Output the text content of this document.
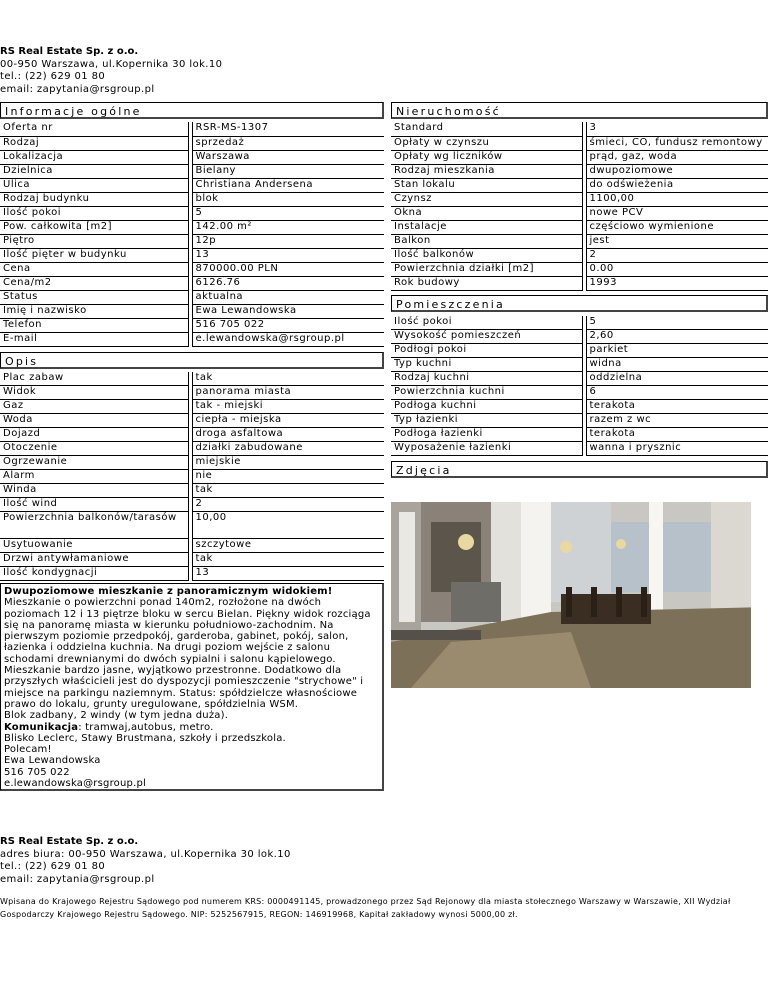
RS Real Estate Sp. z o.o.
00-950 Warszawa, ul.Kopernika 30 lok.10
tel.: (22) 629 01 80
email: zapytania@rsgroup.pl
Informacje ogólne
Oferta nr		RSR-MS-1307
Rodzaj		sprzedaż
Lokalizacja		Warszawa
Dzielnica		Bielany
Ulica		Christiana Andersena
Rodzaj budynku		blok
Ilość pokoi		5
Pow. całkowita [m2]		142.00 m²
Piętro		12p
Ilość pięter w budynku		13
Cena		870000.00 PLN
Cena/m2		6126.76
Status		aktualna
Imię i nazwisko		Ewa Lewandowska
Telefon		516 705 022
E-mail		e.lewandowska@rsgroup.pl
Opis
Plac zabaw		tak
Widok		panorama miasta
Gaz		tak - miejski
Woda		ciepła - miejska
Dojazd		droga asfaltowa
Otoczenie		działki zabudowane
Ogrzewanie		miejskie
Alarm		nie
Winda		tak
Ilość wind		2
Powierzchnia balkonów/tarasów		10,00
Usytuowanie		szczytowe
Drzwi antywłamaniowe		tak
Ilość kondygnacji		13
Dwupoziomowe mieszkanie z panoramicznym widokiem!
Mieszkanie o powierzchni ponad 140m2, rozłożone na dwóch poziomach 12 i 13 piętrze bloku w sercu Bielan. Piękny widok rozciąga się na panoramę miasta w kierunku południowo-zachodnim. Na pierwszym poziomie przedpokój, garderoba, gabinet, pokój, salon, łazienka i oddzielna kuchnia. Na drugi poziom wejście z salonu schodami drewnianymi do dwóch sypialni i salonu kąpielowego. Mieszkanie bardzo jasne, wyjątkowo przestronne. Dodatkowo dla przyszłych właścicieli jest do dyspozycji pomieszczenie "strychowe" i miejsce na parkingu naziemnym. Status: spółdzielcze własnościowe prawo do lokalu, grunty uregulowane, spółdzielnia WSM.
Blok zadbany, 2 windy (w tym jedna duża).
Komunikacja: tramwaj,autobus, metro.
Blisko Leclerc, Stawy Brustmana, szkoły i przedszkola.
Polecam!
Ewa Lewandowska
516 705 022
e.lewandowska@rsgroup.pl
Nieruchomość
Standard		3
Opłaty w czynszu		śmieci, CO, fundusz remontowy
Opłaty wg liczników		prąd, gaz, woda
Rodzaj mieszkania		dwupoziomowe
Stan lokalu		do odświeżenia
Czynsz		1100,00
Okna		nowe PCV
Instalacje		częściowo wymienione
Balkon		jest
Ilość balkonów		2
Powierzchnia działki [m2]		0.00
Rok budowy		1993
Pomieszczenia
Ilość pokoi		5
Wysokość pomieszczeń		2,60
Podłogi pokoi		parkiet
Typ kuchni		widna
Rodzaj kuchni		oddzielna
Powierzchnia kuchni		6
Podłoga kuchni		terakota
Typ łazienki		razem z wc
Podłoga łazienki		terakota
Wyposażenie łazienki		wanna i prysznic
Zdjęcia
RS Real Estate Sp. z o.o.
adres biura: 00-950 Warszawa, ul.Kopernika 30 lok.10
tel.: (22) 629 01 80
email: zapytania@rsgroup.pl
Wpisana do Krajowego Rejestru Sądowego pod numerem KRS: 0000491145, prowadzonego przez Sąd Rejonowy dla miasta stołecznego Warszawy w Warszawie, XII Wydział Gospodarczy Krajowego Rejestru Sądowego. NIP: 5252567915, REGON: 146919968, Kapitał zakładowy wynosi 5000,00 zł.
